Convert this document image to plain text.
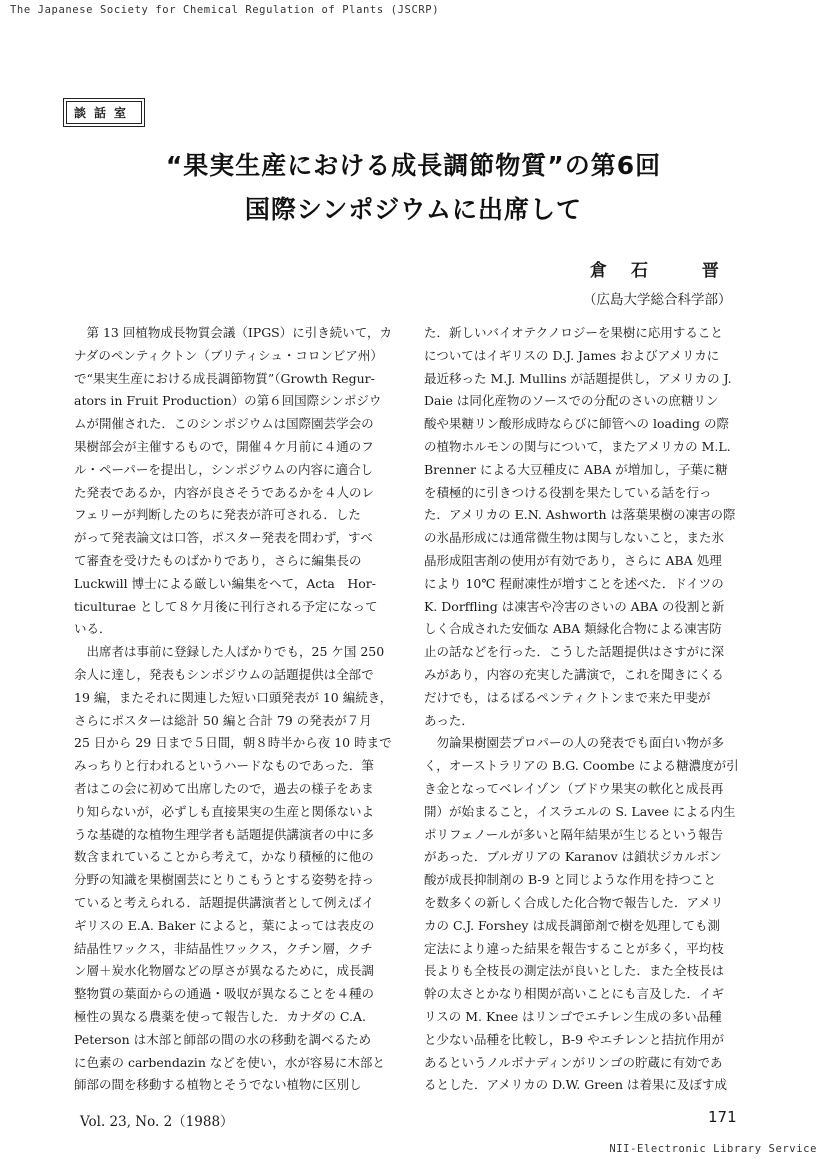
The Japanese Society for Chemical Regulation of Plants (JSCRP)
談話室
“果実生産における成長調節物質”の第6回
国際シンポジウムに出席して
倉石 晋
（広島大学総合科学部）
　第 13 回植物成長物質会議（IPGS）に引き続いて，カ
ナダのペンティクトン（ブリティシュ・コロンビア州）
で“果実生産における成長調節物質”（Growth Regur-
ators in Fruit Production）の第６回国際シンポジウ
ムが開催された．このシンポジウムは国際園芸学会の
果樹部会が主催するもので，開催４ケ月前に４通のフ
ル・ペーパーを提出し，シンポジウムの内容に適合し
た発表であるか，内容が良さそうであるかを４人のレ
フェリーが判断したのちに発表が許可される．した
がって発表論文は口答，ポスター発表を問わず，すべ
て審査を受けたものばかりであり，さらに編集長の
Luckwill 博士による厳しい編集をへて，Acta　Hor-
ticulturae として８ケ月後に刊行される予定になって
いる．
　出席者は事前に登録した人ばかりでも，25 ケ国 250
余人に達し，発表もシンポジウムの話題提供は全部で
19 編，またそれに関連した短い口頭発表が 10 編続き，
さらにポスターは総計 50 編と合計 79 の発表が７月
25 日から 29 日まで５日間，朝８時半から夜 10 時まで
みっちりと行われるというハードなものであった．筆
者はこの会に初めて出席したので，過去の様子をあま
り知らないが，必ずしも直接果実の生産と関係ないよ
うな基礎的な植物生理学者も話題提供講演者の中に多
数含まれていることから考えて，かなり積極的に他の
分野の知識を果樹園芸にとりこもうとする姿勢を持っ
ていると考えられる．話題提供講演者として例えばイ
ギリスの E.A. Baker によると，葉によっては表皮の
結晶性ワックス，非結晶性ワックス，クチン層，クチ
ン層＋炭水化物層などの厚さが異なるために，成長調
整物質の葉面からの通過・吸収が異なることを４種の
極性の異なる農薬を使って報告した．カナダの C.A.
Peterson は木部と師部の間の水の移動を調べるため
に色素の carbendazin などを使い，水が容易に木部と
師部の間を移動する植物とそうでない植物に区別し
た．新しいバイオテクノロジーを果樹に応用すること
についてはイギリスの D.J. James およびアメリカに
最近移った M.J. Mullins が話題提供し，アメリカの J.
Daie は同化産物のソースでの分配のさいの庶糖リン
酸や果糖リン酸形成時ならびに師管への loading の際
の植物ホルモンの関与について，またアメリカの M.L.
Brenner による大豆種皮に ABA が増加し，子葉に糖
を積極的に引きつける役割を果たしている話を行っ
た．アメリカの E.N. Ashworth は落葉果樹の凍害の際
の氷晶形成には通常微生物は関与しないこと，また氷
晶形成阻害剤の使用が有効であり，さらに ABA 処理
により 10℃ 程耐凍性が増すことを述べた．ドイツの
K. Dorffling は凍害や冷害のさいの ABA の役割と新
しく合成された安価な ABA 類縁化合物による凍害防
止の話などを行った．こうした話題提供はさすがに深
みがあり，内容の充実した講演で，これを聞きにくる
だけでも，はるばるペンティクトンまで来た甲斐が
あった．
　勿論果樹園芸プロパーの人の発表でも面白い物が多
く，オーストラリアの B.G. Coombe による糖濃度が引
き金となってベレイゾン（ブドウ果実の軟化と成長再
開）が始まること，イスラエルの S. Lavee による内生
ポリフェノールが多いと隔年結果が生じるという報告
があった．ブルガリアの Karanov は鎖状ジカルボン
酸が成長抑制剤の B-9 と同じような作用を持つこと
を数多くの新しく合成した化合物で報告した．アメリ
カの C.J. Forshey は成長調節剤で樹を処理しても測
定法により違った結果を報告することが多く，平均枝
長よりも全枝長の測定法が良いとした．また全枝長は
幹の太さとかなり相関が高いことにも言及した．イギ
リスの M. Knee はリンゴでエチレン生成の多い品種
と少ない品種を比較し，B-9 やエチレンと拮抗作用が
あるというノルボナディンがリンゴの貯蔵に有効であ
るとした．アメリカの D.W. Green は着果に及ぼす成
Vol. 23, No. 2（1988）	171
NII-Electronic Library Service
